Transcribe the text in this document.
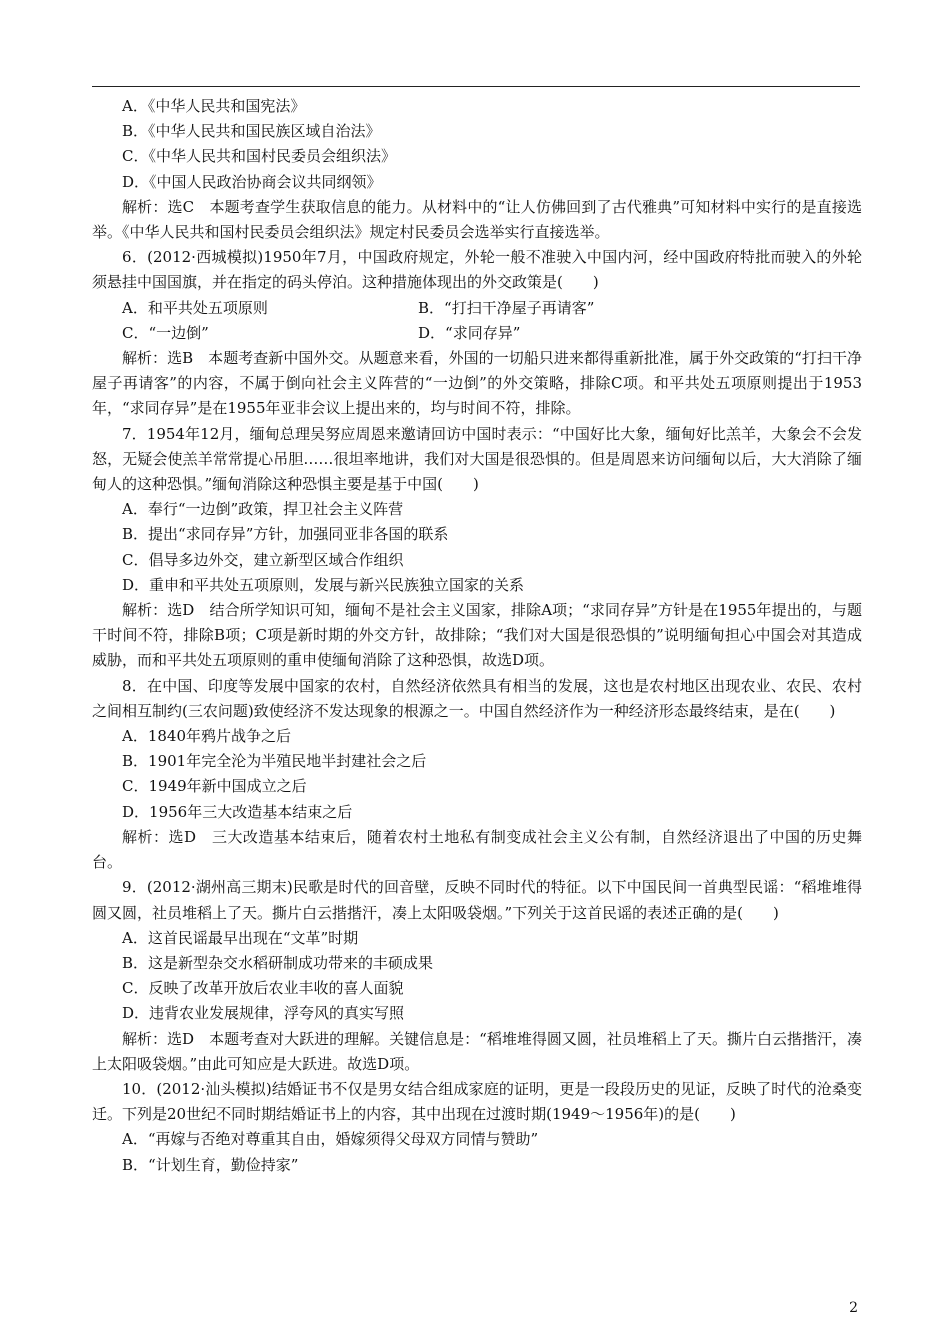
A．《中华人民共和国宪法》

B．《中华人民共和国民族区域自治法》

C．《中华人民共和国村民委员会组织法》

D．《中国人民政治协商会议共同纲领》

解析：选C　本题考查学生获取信息的能力。从材料中的“让人仿佛回到了古代雅典”可知材料中实行的是直接选举。《中华人民共和国村民委员会组织法》规定村民委员会选举实行直接选举。

6．(2012·西城模拟)1950年7月，中国政府规定，外轮一般不准驶入中国内河，经中国政府特批而驶入的外轮须悬挂中国国旗，并在指定的码头停泊。这种措施体现出的外交政策是(　　)

A．和平共处五项原则	B．“打扫干净屋子再请客”
C．“一边倒”	D．“求同存异”

解析：选B　本题考查新中国外交。从题意来看，外国的一切船只进来都得重新批准，属于外交政策的“打扫干净屋子再请客”的内容，不属于倒向社会主义阵营的“一边倒”的外交策略，排除C项。和平共处五项原则提出于1953年，“求同存异”是在1955年亚非会议上提出来的，均与时间不符，排除。

7．1954年12月，缅甸总理吴努应周恩来邀请回访中国时表示：“中国好比大象，缅甸好比羔羊，大象会不会发怒，无疑会使羔羊常常提心吊胆……很坦率地讲，我们对大国是很恐惧的。但是周恩来访问缅甸以后，大大消除了缅甸人的这种恐惧。”缅甸消除这种恐惧主要是基于中国(　　)

A．奉行“一边倒”政策，捍卫社会主义阵营

B．提出“求同存异”方针，加强同亚非各国的联系

C．倡导多边外交，建立新型区域合作组织

D．重申和平共处五项原则，发展与新兴民族独立国家的关系

解析：选D　结合所学知识可知，缅甸不是社会主义国家，排除A项；“求同存异”方针是在1955年提出的，与题干时间不符，排除B项；C项是新时期的外交方针，故排除；“我们对大国是很恐惧的”说明缅甸担心中国会对其造成威胁，而和平共处五项原则的重申使缅甸消除了这种恐惧，故选D项。

8．在中国、印度等发展中国家的农村，自然经济依然具有相当的发展，这也是农村地区出现农业、农民、农村之间相互制约(三农问题)致使经济不发达现象的根源之一。中国自然经济作为一种经济形态最终结束，是在(　　)

A．1840年鸦片战争之后

B．1901年完全沦为半殖民地半封建社会之后

C．1949年新中国成立之后

D．1956年三大改造基本结束之后

解析：选D　三大改造基本结束后，随着农村土地私有制变成社会主义公有制，自然经济退出了中国的历史舞台。

9．(2012·湖州高三期末)民歌是时代的回音壁，反映不同时代的特征。以下中国民间一首典型民谣：“稻堆堆得圆又圆，社员堆稻上了天。撕片白云揩揩汗，凑上太阳吸袋烟。”下列关于这首民谣的表述正确的是(　　)

A．这首民谣最早出现在“文革”时期

B．这是新型杂交水稻研制成功带来的丰硕成果

C．反映了改革开放后农业丰收的喜人面貌

D．违背农业发展规律，浮夸风的真实写照

解析：选D　本题考查对大跃进的理解。关键信息是：“稻堆堆得圆又圆，社员堆稻上了天。撕片白云揩揩汗，凑上太阳吸袋烟。”由此可知应是大跃进。故选D项。

10．(2012·汕头模拟)结婚证书不仅是男女结合组成家庭的证明，更是一段段历史的见证，反映了时代的沧桑变迁。下列是20世纪不同时期结婚证书上的内容，其中出现在过渡时期(1949～1956年)的是(　　)

A．“再嫁与否绝对尊重其自由，婚嫁须得父母双方同情与赞助”

B．“计划生育，勤俭持家”

2
